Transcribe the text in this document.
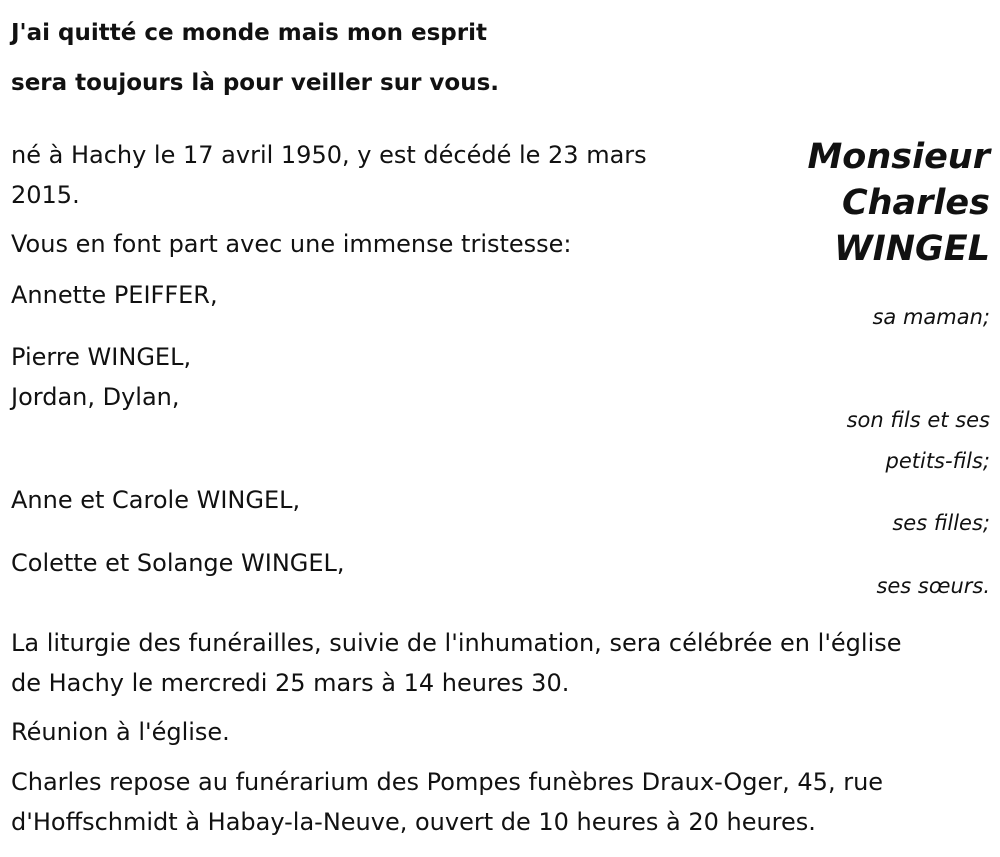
J'ai quitté ce monde mais mon esprit
sera toujours là pour veiller sur vous.
Monsieur
Charles
WINGEL
né à Hachy le 17 avril 1950, y est décédé le 23 mars
2015.
Vous en font part avec une immense tristesse:
Annette PEIFFER,
sa maman;
Pierre WINGEL,
Jordan, Dylan,
son fils et ses
petits-fils;
Anne et Carole WINGEL,
ses filles;
Colette et Solange WINGEL,
ses sœurs.
La liturgie des funérailles, suivie de l'inhumation, sera célébrée en l'église
de Hachy le mercredi 25 mars à 14 heures 30.
Réunion à l'église.
Charles repose au funérarium des Pompes funèbres Draux-Oger, 45, rue
d'Hoffschmidt à Habay-la-Neuve, ouvert de 10 heures à 20 heures.
